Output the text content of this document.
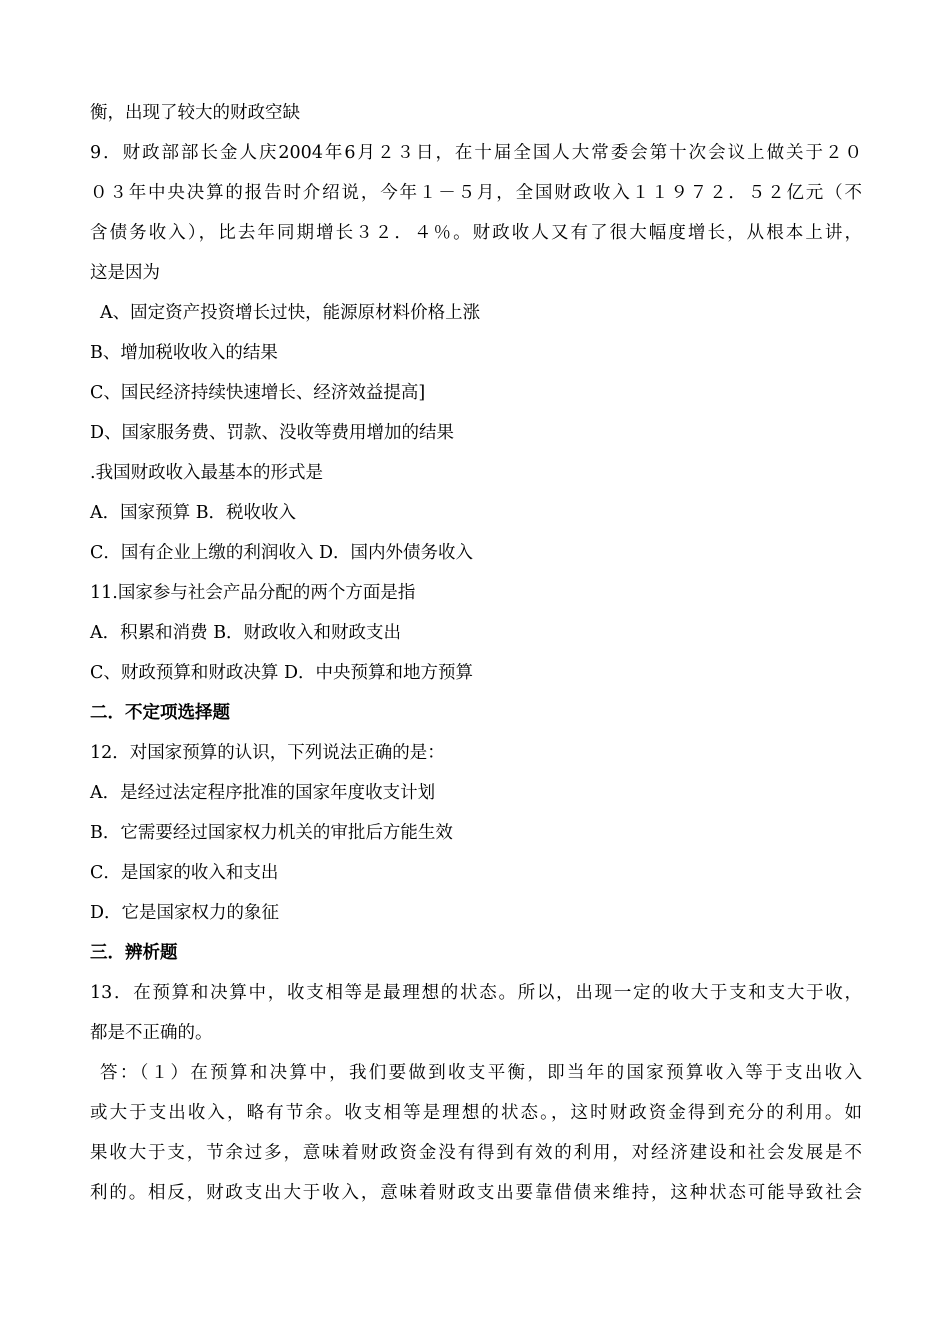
衡，出现了较大的财政空缺
9．财政部部长金人庆2004年6月２３日，在十届全国人大常委会第十次会议上做关于２０
０３年中央决算的报告时介绍说，今年１－５月，全国财政收入１１９７２．５２亿元（不
含债务收入），比去年同期增长３２．４％。财政收人又有了很大幅度增长，从根本上讲，
这是因为
A、固定资产投资增长过快，能源原材料价格上涨
B、增加税收收入的结果
C、国民经济持续快速增长、经济效益提高]
D、国家服务费、罚款、没收等费用增加的结果
.我国财政收入最基本的形式是
A．国家预算 B．税收收入
C．国有企业上缴的利润收入 D．国内外债务收入
11.国家参与社会产品分配的两个方面是指
A．积累和消费 B．财政收入和财政支出
C、财政预算和财政决算 D．中央预算和地方预算
二．不定项选择题
12．对国家预算的认识，下列说法正确的是：
A．是经过法定程序批准的国家年度收支计划
B．它需要经过国家权力机关的审批后方能生效
C．是国家的收入和支出
D．它是国家权力的象征
三．辨析题
13．在预算和决算中，收支相等是最理想的状态。所以，出现一定的收大于支和支大于收，
都是不正确的。
答：（１）在预算和决算中，我们要做到收支平衡，即当年的国家预算收入等于支出收入
或大于支出收入，略有节余。收支相等是理想的状态。，这时财政资金得到充分的利用。如
果收大于支，节余过多，意味着财政资金没有得到有效的利用，对经济建设和社会发展是不
利的。相反，财政支出大于收入，意味着财政支出要靠借债来维持，这种状态可能导致社会
